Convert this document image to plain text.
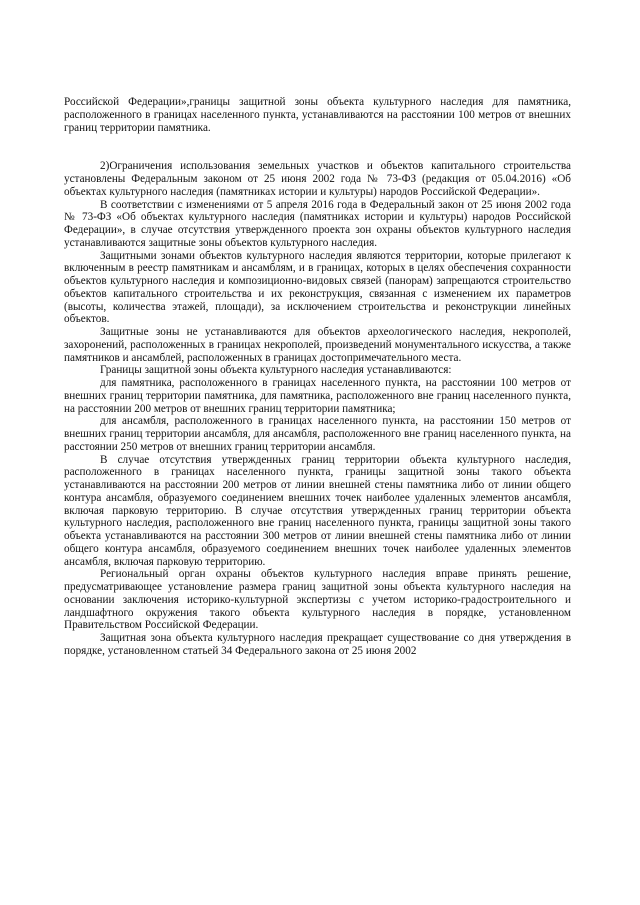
Российской Федерации»,границы защитной зоны объекта культурного наследия для памятника, расположенного в границах населенного пункта, устанавливаются на расстоянии 100 метров от внешних границ территории памятника.

2)Ограничения использования земельных участков и объектов капитального строительства установлены Федеральным законом от 25 июня 2002 года № 73-ФЗ (редакция от 05.04.2016) «Об объектах культурного наследия (памятниках истории и культуры) народов Российской Федерации».

В соответствии с изменениями от 5 апреля 2016 года в Федеральный закон от 25 июня 2002 года № 73-ФЗ «Об объектах культурного наследия (памятниках истории и культуры) народов Российской Федерации», в случае отсутствия утвержденного проекта зон охраны объектов культурного наследия устанавливаются защитные зоны объектов культурного наследия.

Защитными зонами объектов культурного наследия являются территории, которые прилегают к включенным в реестр памятникам и ансамблям, и в границах, которых в целях обеспечения сохранности объектов культурного наследия и композиционно-видовых связей (панорам) запрещаются строительство объектов капитального строительства и их реконструкция, связанная с изменением их параметров (высоты, количества этажей, площади), за исключением строительства и реконструкции линейных объектов.

Защитные зоны не устанавливаются для объектов археологического наследия, некрополей, захоронений, расположенных в границах некрополей, произведений монументального искусства, а также памятников и ансамблей, расположенных в границах достопримечательного места.

Границы защитной зоны объекта культурного наследия устанавливаются:

для памятника, расположенного в границах населенного пункта, на расстоянии 100 метров от внешних границ территории памятника, для памятника, расположенного вне границ населенного пункта, на расстоянии 200 метров от внешних границ территории памятника;

для ансамбля, расположенного в границах населенного пункта, на расстоянии 150 метров от внешних границ территории ансамбля, для ансамбля, расположенного вне границ населенного пункта, на расстоянии 250 метров от внешних границ территории ансамбля.

В случае отсутствия утвержденных границ территории объекта культурного наследия, расположенного в границах населенного пункта, границы защитной зоны такого объекта устанавливаются на расстоянии 200 метров от линии внешней стены памятника либо от линии общего контура ансамбля, образуемого соединением внешних точек наиболее удаленных элементов ансамбля, включая парковую территорию. В случае отсутствия утвержденных границ территории объекта культурного наследия, расположенного вне границ населенного пункта, границы защитной зоны такого объекта устанавливаются на расстоянии 300 метров от линии внешней стены памятника либо от линии общего контура ансамбля, образуемого соединением внешних точек наиболее удаленных элементов ансамбля, включая парковую территорию.

Региональный орган охраны объектов культурного наследия вправе принять решение, предусматривающее установление размера границ защитной зоны объекта культурного наследия на основании заключения историко-культурной экспертизы с учетом историко-градостроительного и ландшафтного окружения такого объекта культурного наследия в порядке, установленном Правительством Российской Федерации.

Защитная зона объекта культурного наследия прекращает существование со дня утверждения в порядке, установленном статьей 34 Федерального закона от 25 июня 2002
